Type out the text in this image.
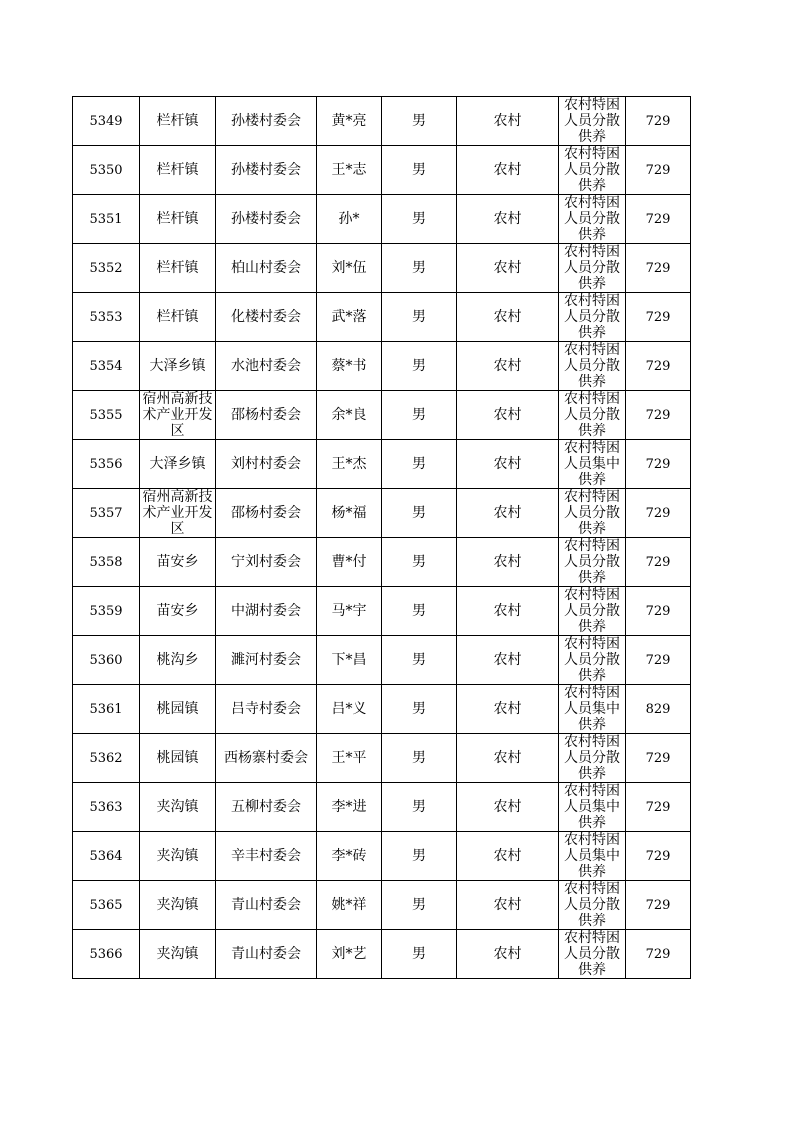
5349	栏杆镇	孙楼村委会	黄*亮	男	农村	农村特困人员分散供养	729
5350	栏杆镇	孙楼村委会	王*志	男	农村	农村特困人员分散供养	729
5351	栏杆镇	孙楼村委会	孙*	男	农村	农村特困人员分散供养	729
5352	栏杆镇	柏山村委会	刘*伍	男	农村	农村特困人员分散供养	729
5353	栏杆镇	化楼村委会	武*落	男	农村	农村特困人员分散供养	729
5354	大泽乡镇	水池村委会	蔡*书	男	农村	农村特困人员分散供养	729
5355	宿州高新技术产业开发区	邵杨村委会	余*良	男	农村	农村特困人员分散供养	729
5356	大泽乡镇	刘村村委会	王*杰	男	农村	农村特困人员集中供养	729
5357	宿州高新技术产业开发区	邵杨村委会	杨*福	男	农村	农村特困人员分散供养	729
5358	苗安乡	宁刘村委会	曹*付	男	农村	农村特困人员分散供养	729
5359	苗安乡	中湖村委会	马*宇	男	农村	农村特困人员分散供养	729
5360	桃沟乡	濉河村委会	下*昌	男	农村	农村特困人员分散供养	729
5361	桃园镇	吕寺村委会	吕*义	男	农村	农村特困人员集中供养	829
5362	桃园镇	西杨寨村委会	王*平	男	农村	农村特困人员分散供养	729
5363	夹沟镇	五柳村委会	李*进	男	农村	农村特困人员集中供养	729
5364	夹沟镇	辛丰村委会	李*砖	男	农村	农村特困人员集中供养	729
5365	夹沟镇	青山村委会	姚*祥	男	农村	农村特困人员分散供养	729
5366	夹沟镇	青山村委会	刘*艺	男	农村	农村特困人员分散供养	729
